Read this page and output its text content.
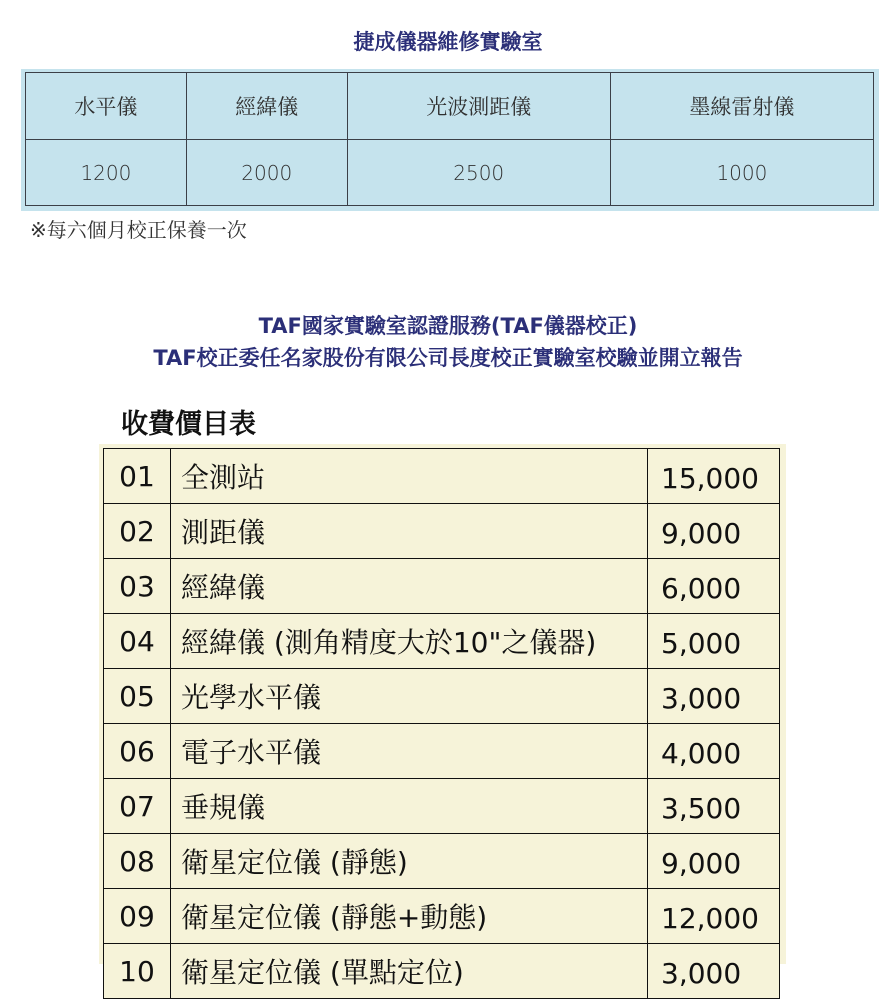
捷成儀器維修實驗室
水平儀	經緯儀	光波測距儀	墨線雷射儀
1200	2000	2500	1000
※每六個月校正保養一次
TAF國家實驗室認證服務(TAF儀器校正)
TAF校正委任名家股份有限公司長度校正實驗室校驗並開立報告
收費價目表
01	全測站	15,000
02	測距儀	9,000
03	經緯儀	6,000
04	經緯儀 (測角精度大於10"之儀器)	5,000
05	光學水平儀	3,000
06	電子水平儀	4,000
07	垂規儀	3,500
08	衛星定位儀 (靜態)	9,000
09	衛星定位儀 (靜態+動態)	12,000
10	衛星定位儀 (單點定位)	3,000
